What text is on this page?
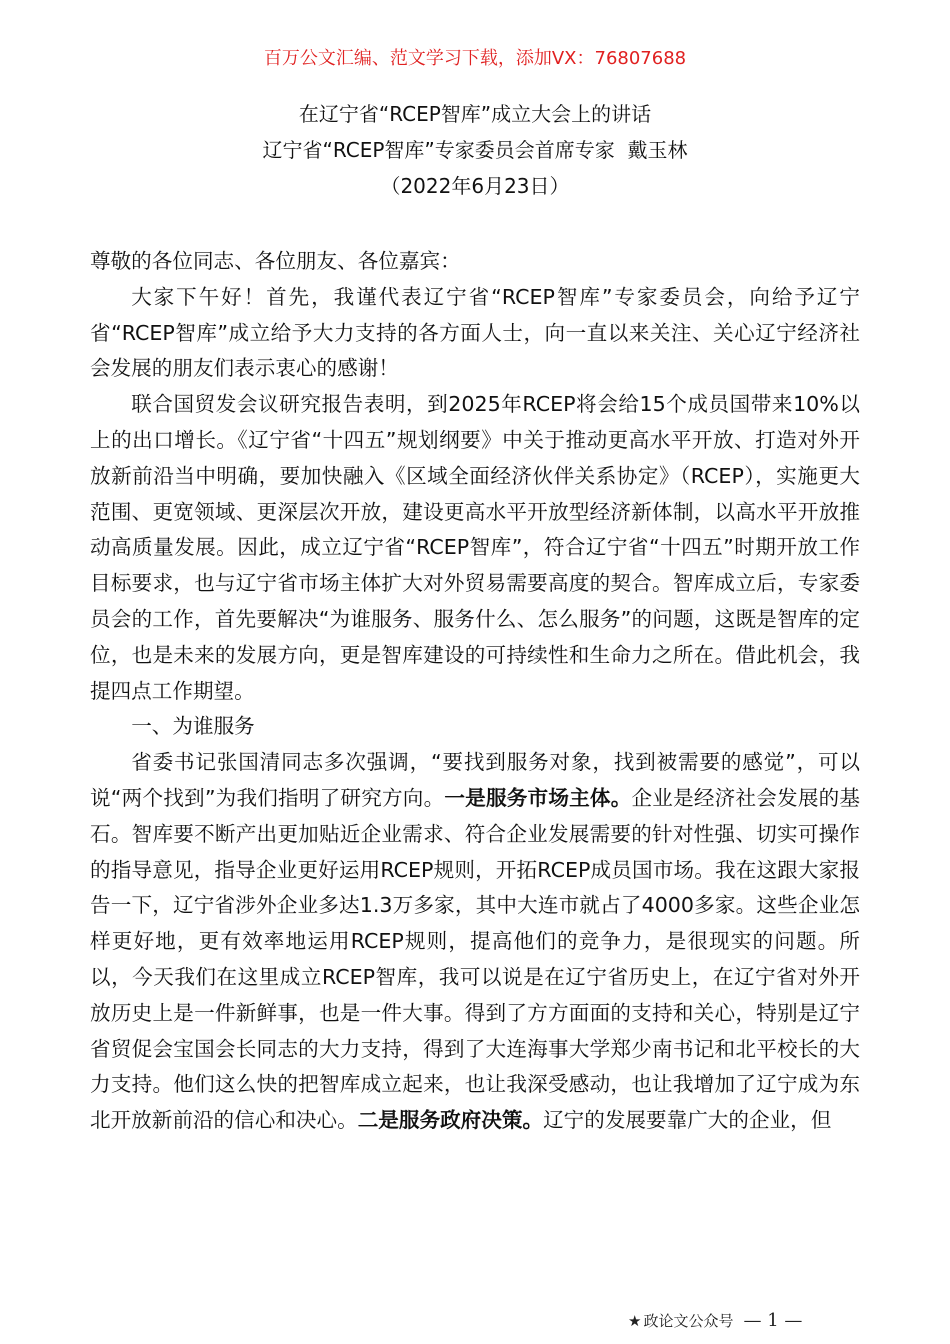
百万公文汇编、范文学习下载，添加VX：76807688
在辽宁省“RCEP智库”成立大会上的讲话
辽宁省“RCEP智库”专家委员会首席专家  戴玉林
（2022年6月23日）

尊敬的各位同志、各位朋友、各位嘉宾：

大家下午好！首先，我谨代表辽宁省“RCEP智库”专家委员会，向给予辽宁省“RCEP智库”成立给予大力支持的各方面人士，向一直以来关注、关心辽宁经济社会发展的朋友们表示衷心的感谢！

联合国贸发会议研究报告表明，到2025年RCEP将会给15个成员国带来10%以上的出口增长。《辽宁省“十四五”规划纲要》中关于推动更高水平开放、打造对外开放新前沿当中明确，要加快融入《区域全面经济伙伴关系协定》（RCEP），实施更大范围、更宽领域、更深层次开放，建设更高水平开放型经济新体制，以高水平开放推动高质量发展。因此，成立辽宁省“RCEP智库”，符合辽宁省“十四五”时期开放工作目标要求，也与辽宁省市场主体扩大对外贸易需要高度的契合。智库成立后，专家委员会的工作，首先要解决“为谁服务、服务什么、怎么服务”的问题，这既是智库的定位，也是未来的发展方向，更是智库建设的可持续性和生命力之所在。借此机会，我提四点工作期望。

一、为谁服务

省委书记张国清同志多次强调，“要找到服务对象，找到被需要的感觉”，可以说“两个找到”为我们指明了研究方向。一是服务市场主体。企业是经济社会发展的基石。智库要不断产出更加贴近企业需求、符合企业发展需要的针对性强、切实可操作的指导意见，指导企业更好运用RCEP规则，开拓RCEP成员国市场。我在这跟大家报告一下，辽宁省涉外企业多达1.3万多家，其中大连市就占了4000多家。这些企业怎样更好地，更有效率地运用RCEP规则，提高他们的竞争力，是很现实的问题。所以，今天我们在这里成立RCEP智库，我可以说是在辽宁省历史上，在辽宁省对外开放历史上是一件新鲜事，也是一件大事。得到了方方面面的支持和关心，特别是辽宁省贸促会宝国会长同志的大力支持，得到了大连海事大学郑少南书记和北平校长的大力支持。他们这么快的把智库成立起来，也让我深受感动，也让我增加了辽宁成为东北开放新前沿的信心和决心。二是服务政府决策。辽宁的发展要靠广大的企业，但

★ 政论文公众号 — 1 —
